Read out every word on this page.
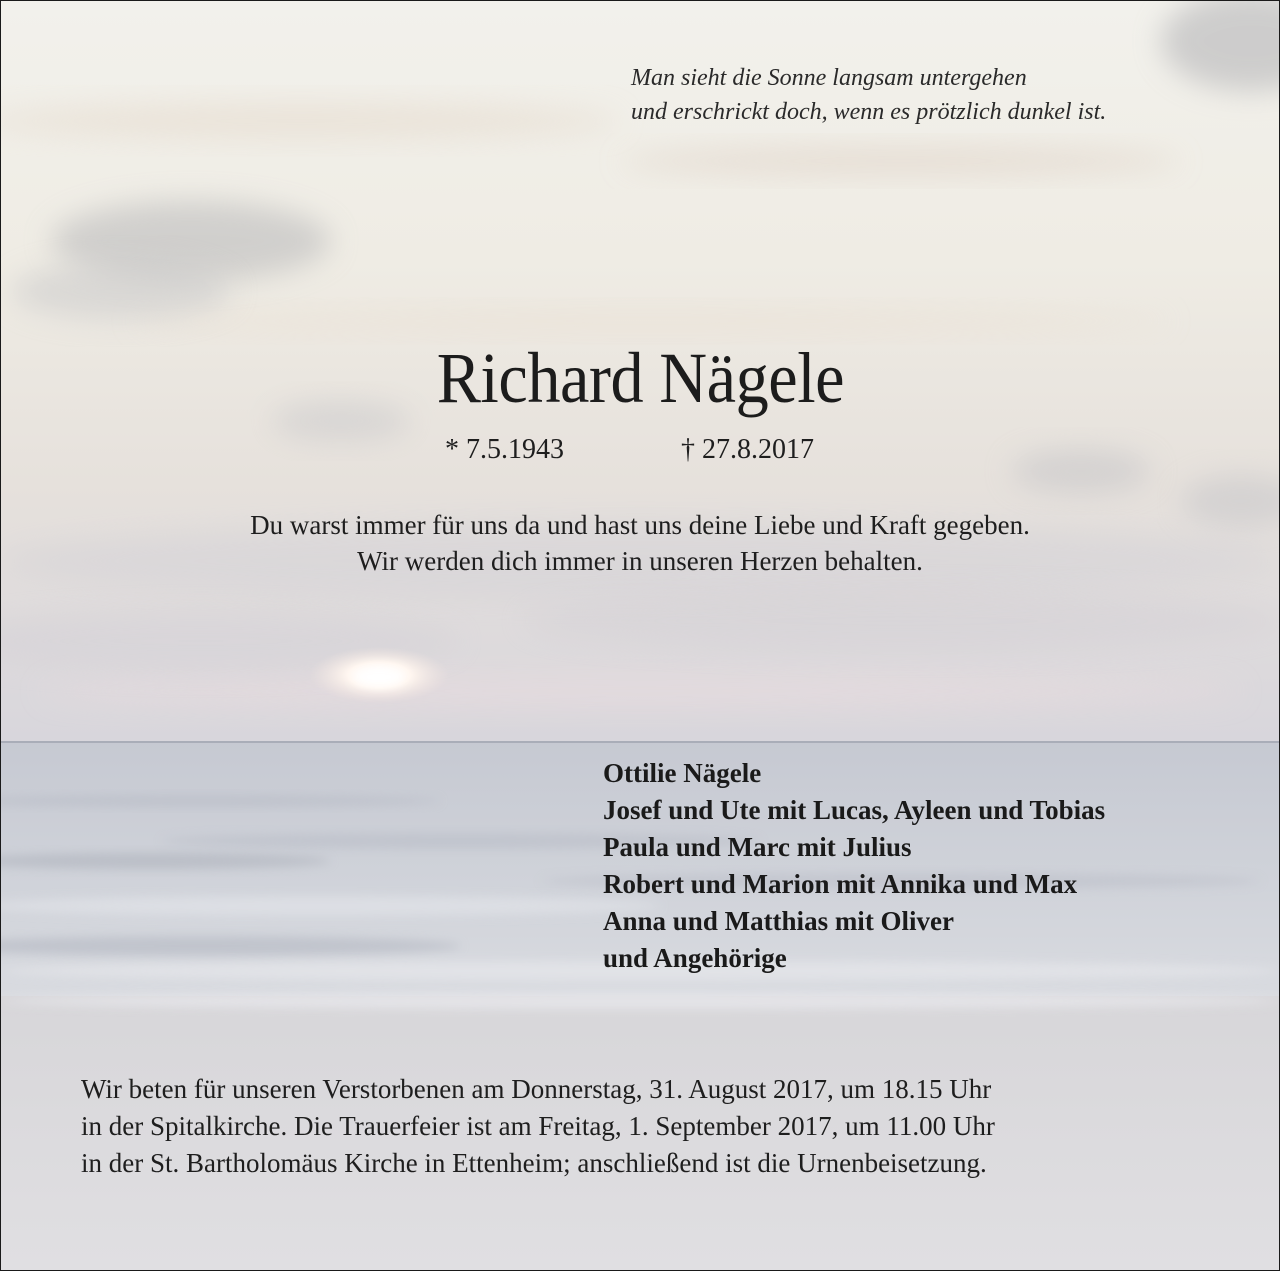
Man sieht die Sonne langsam untergehen
und erschrickt doch, wenn es prötzlich dunkel ist.
Richard Nägele
* 7.5.1943	† 27.8.2017
Du warst immer für uns da und hast uns deine Liebe und Kraft gegeben.
Wir werden dich immer in unseren Herzen behalten.
Ottilie Nägele
Josef und Ute mit Lucas, Ayleen und Tobias
Paula und Marc mit Julius
Robert und Marion mit Annika und Max
Anna und Matthias mit Oliver
und Angehörige
Wir beten für unseren Verstorbenen am Donnerstag, 31. August 2017, um 18.15 Uhr
in der Spitalkirche. Die Trauerfeier ist am Freitag, 1. September 2017, um 11.00 Uhr
in der St. Bartholomäus Kirche in Ettenheim; anschließend ist die Urnenbeisetzung.
